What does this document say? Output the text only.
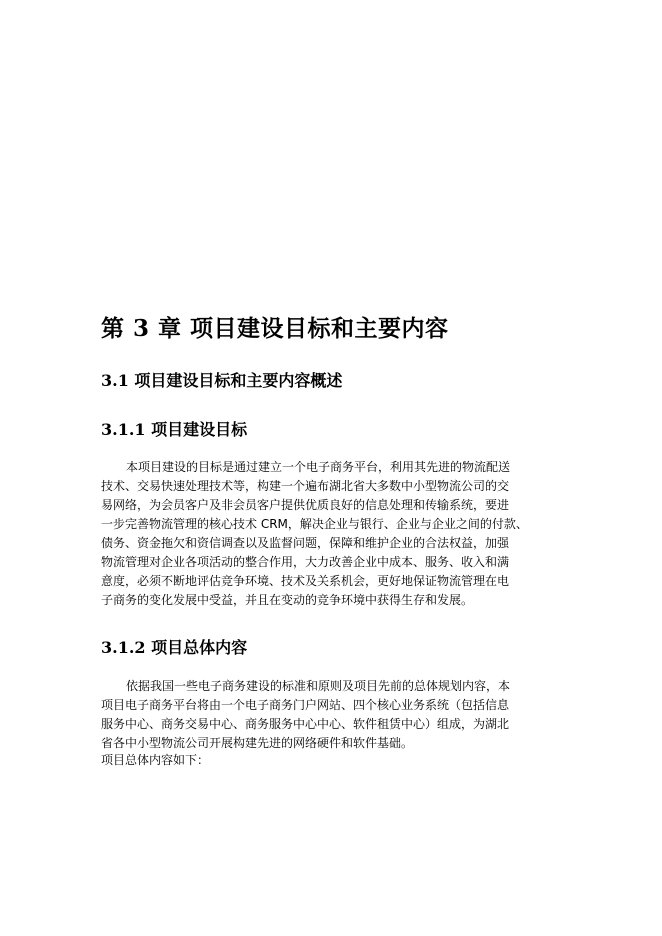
第 3 章 项目建设目标和主要内容
3.1 项目建设目标和主要内容概述
3.1.1 项目建设目标

本项目建设的目标是通过建立一个电子商务平台，利用其先进的物流配送

技术、交易快速处理技术等，构建一个遍布湖北省大多数中小型物流公司的交

易网络，为会员客户及非会员客户提供优质良好的信息处理和传输系统，要进

一步完善物流管理的核心技术 CRM，解决企业与银行、企业与企业之间的付款、

债务、资金拖欠和资信调查以及监督问题，保障和维护企业的合法权益，加强

物流管理对企业各项活动的整合作用，大力改善企业中成本、服务、收入和满

意度，必须不断地评估竞争环境、技术及关系机会，更好地保证物流管理在电

子商务的变化发展中受益，并且在变动的竞争环境中获得生存和发展。

3.1.2 项目总体内容

依据我国一些电子商务建设的标准和原则及项目先前的总体规划内容，本

项目电子商务平台将由一个电子商务门户网站、四个核心业务系统（包括信息

服务中心、商务交易中心、商务服务中心中心、软件租赁中心）组成，为湖北

省各中小型物流公司开展构建先进的网络硬件和软件基础。

项目总体内容如下：
